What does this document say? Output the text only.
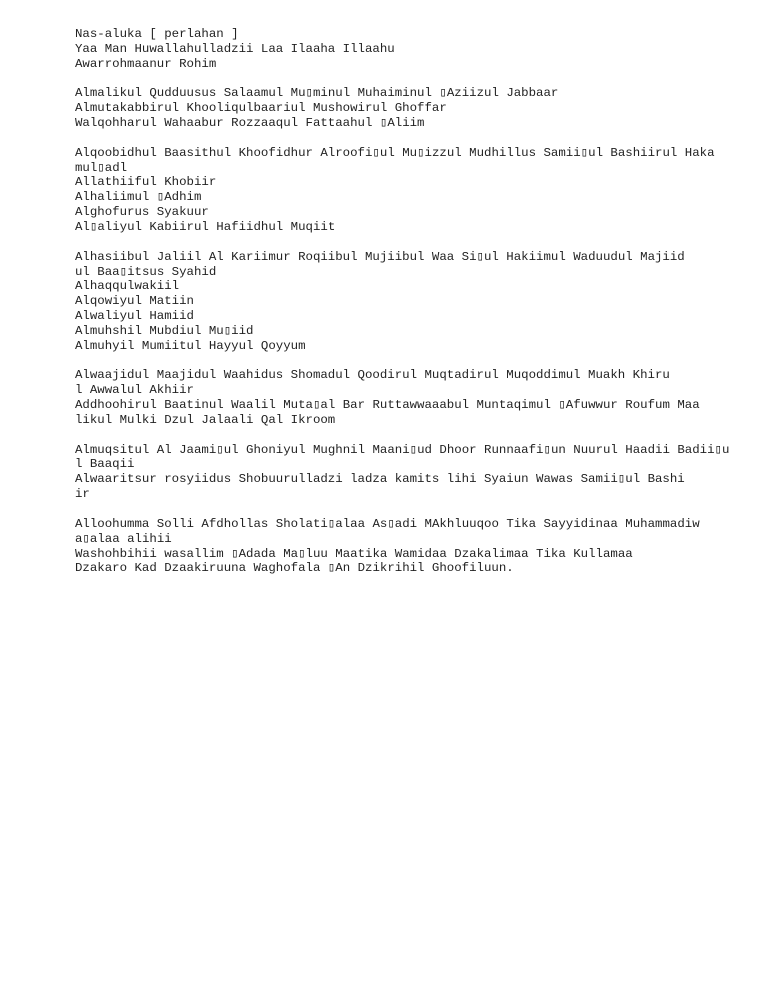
Nas-aluka [ perlahan ]
Yaa Man Huwallahulladzii Laa Ilaaha Illaahu
Awarrohmaanur Rohim
Almalikul Qudduusus Salaamul Mu▯minul Muhaiminul ▯Aziizul Jabbaar
Almutakabbirul Khooliqulbaariul Mushowirul Ghoffar
Walqohharul Wahaabur Rozzaaqul Fattaahul ▯Aliim
Alqoobidhul Baasithul Khoofidhur Alroofi▯ul Mu▯izzul Mudhillus Samii▯ul Bashiirul Haka
mul▯adl
Allathiiful Khobiir
Alhaliimul ▯Adhim
Alghofurus Syakuur
Al▯aliyul Kabiirul Hafiidhul Muqiit
Alhasiibul Jaliil Al Kariimur Roqiibul Mujiibul Waa Si▯ul Hakiimul Waduudul Majiid
ul Baa▯itsus Syahid
Alhaqqulwakiil
Alqowiyul Matiin
Alwaliyul Hamiid
Almuhshil Mubdiul Mu▯iid
Almuhyil Mumiitul Hayyul Qoyyum
Alwaajidul Maajidul Waahidus Shomadul Qoodirul Muqtadirul Muqoddimul Muakh Khiru
l Awwalul Akhiir
Addhoohirul Baatinul Waalil Muta▯al Bar Ruttawwaaabul Muntaqimul ▯Afuwwur Roufum Maa
likul Mulki Dzul Jalaali Qal Ikroom
Almuqsitul Al Jaami▯ul Ghoniyul Mughnil Maani▯ud Dhoor Runnaafi▯un Nuurul Haadii Badii▯u
l Baaqii
Alwaaritsur rosyiidus Shobuurulladzi ladza kamits lihi Syaiun Wawas Samii▯ul Bashi
ir
Alloohumma Solli Afdhollas Sholati▯alaa As▯adi MAkhluuqoo Tika Sayyidinaa Muhammadiw
a▯alaa alihii
Washohbihii wasallim ▯Adada Ma▯luu Maatika Wamidaa Dzakalimaa Tika Kullamaa
Dzakaro Kad Dzaakiruuna Waghofala ▯An Dzikrihil Ghoofiluun.
